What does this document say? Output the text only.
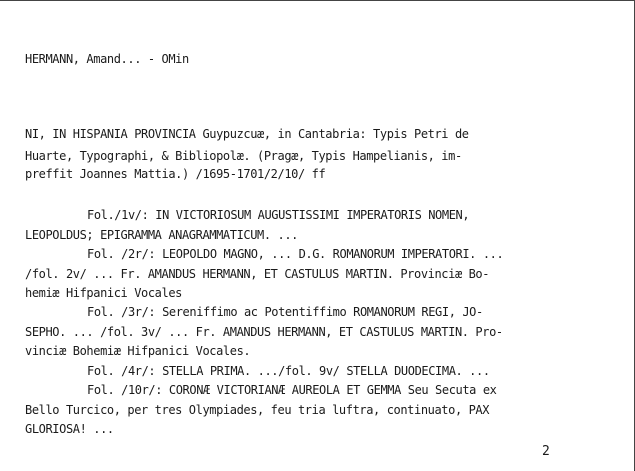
HERMANN, Amand... - OMin
NI, IN HISPANIA PROVINCIA Guypuzcuæ, in Cantabria: Typis Petri de
Huarte, Typographi, & Bibliopolæ. (Pragæ, Typis Hampelianis, im-
preffit Joannes Mattia.) /1695-1701/2/10/ ff
Fol./1v/: IN VICTORIOSUM AUGUSTISSIMI IMPERATORIS NOMEN,
LEOPOLDUS; EPIGRAMMA ANAGRAMMATICUM. ...
Fol. /2r/: LEOPOLDO MAGNO, ... D.G. ROMANORUM IMPERATORI. ...
/fol. 2v/ ... Fr. AMANDUS HERMANN, ET CASTULUS MARTIN. Provinciæ Bo-
hemiæ Hifpanici Vocales
Fol. /3r/: Sereniffimo ac Potentiffimo ROMANORUM REGI, JO-
SEPHO. ... /fol. 3v/ ... Fr. AMANDUS HERMANN, ET CASTULUS MARTIN. Pro-
vinciæ Bohemiæ Hifpanici Vocales.
Fol. /4r/: STELLA PRIMA. .../fol. 9v/ STELLA DUODECIMA. ...
Fol. /10r/: CORONÆ VICTORIANÆ AUREOLA ET GEMMA Seu Secuta ex
Bello Turcico, per tres Olympiades, feu tria luftra, continuato, PAX
GLORIOSA! ...
2
